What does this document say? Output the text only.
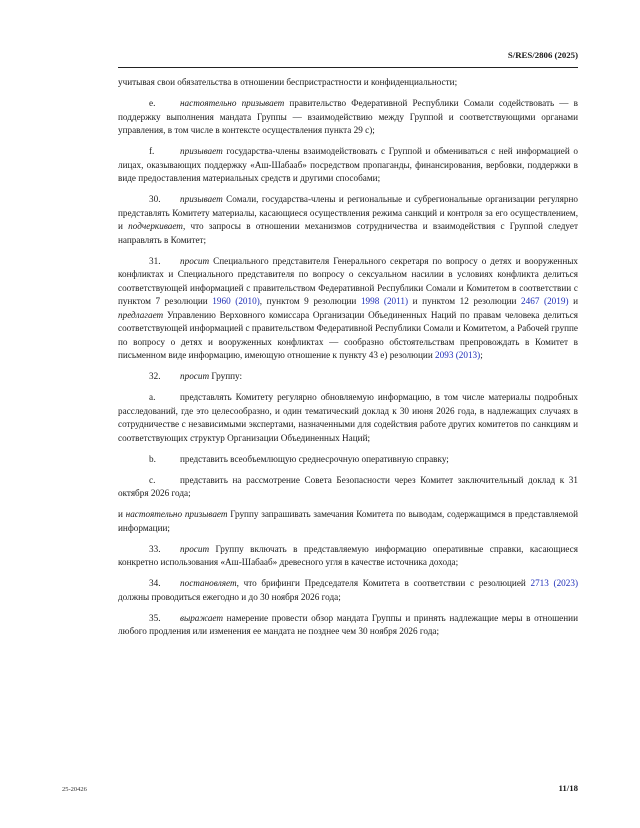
S/RES/2806 (2025)

учитывая свои обязательства в отношении беспристрастности и конфиденциальности;

e.	настоятельно призывает правительство Федеративной Республики Сомали содействовать — в поддержку выполнения мандата Группы — взаимодействию между Группой и соответствующими органами управления, в том числе в контексте осуществления пункта 29 c);

f.	призывает государства-члены взаимодействовать с Группой и обмениваться с ней информацией о лицах, оказывающих поддержку «Аш-Шабааб» посредством пропаганды, финансирования, вербовки, поддержки в виде предоставления материальных средств и другими способами;

30. призывает Сомали, государства-члены и региональные и субрегиональные организации регулярно представлять Комитету материалы, касающиеся осуществления режима санкций и контроля за его осуществлением, и подчеркивает, что запросы в отношении механизмов сотрудничества и взаимодействия с Группой следует направлять в Комитет;

31. просит Специального представителя Генерального секретаря по вопросу о детях и вооруженных конфликтах и Специального представителя по вопросу о сексуальном насилии в условиях конфликта делиться соответствующей информацией с правительством Федеративной Республики Сомали и Комитетом в соответствии с пунктом 7 резолюции 1960 (2010), пунктом 9 резолюции 1998 (2011) и пунктом 12 резолюции 2467 (2019) и предлагает Управлению Верховного комиссара Организации Объединенных Наций по правам человека делиться соответствующей информацией с правительством Федеративной Республики Сомали и Комитетом, а Рабочей группе по вопросу о детях и вооруженных конфликтах — сообразно обстоятельствам препровождать в Комитет в письменном виде информацию, имеющую отношение к пункту 43 e) резолюции 2093 (2013);

32. просит Группу:

a.	представлять Комитету регулярно обновляемую информацию, в том числе материалы подробных расследований, где это целесообразно, и один тематический доклад к 30 июня 2026 года, в надлежащих случаях в сотрудничестве с независимыми экспертами, назначенными для содействия работе других комитетов по санкциям и соответствующих структур Организации Объединенных Наций;

b.	представить всеобъемлющую среднесрочную оперативную справку;

c.	представить на рассмотрение Совета Безопасности через Комитет заключительный доклад к 31 октября 2026 года;

и настоятельно призывает Группу запрашивать замечания Комитета по выводам, содержащимся в представляемой информации;

33. просит Группу включать в представляемую информацию оперативные справки, касающиеся конкретно использования «Аш-Шабааб» древесного угля в качестве источника дохода;

34. постановляет, что брифинги Председателя Комитета в соответствии с резолюцией 2713 (2023) должны проводиться ежегодно и до 30 ноября 2026 года;

35. выражает намерение провести обзор мандата Группы и принять надлежащие меры в отношении любого продления или изменения ее мандата не позднее чем 30 ноября 2026 года;

25-20426	11/18
